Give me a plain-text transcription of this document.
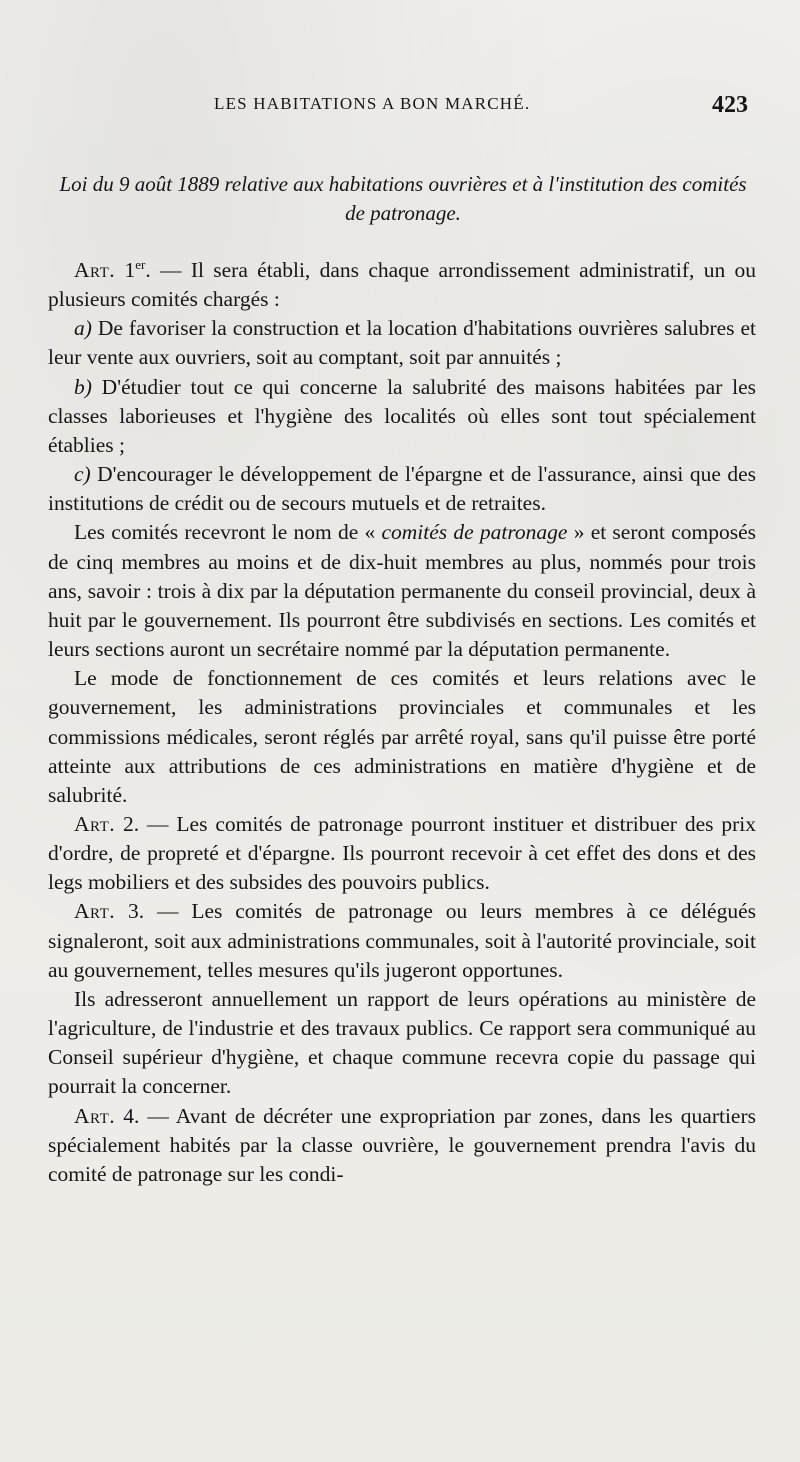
LES HABITATIONS A BON MARCHÉ.	423
Loi du 9 août 1889 relative aux habitations ouvrières et à l'institution des comités de patronage.

Art. 1er. — Il sera établi, dans chaque arrondissement administratif, un ou plusieurs comités chargés :

a) De favoriser la construction et la location d'habitations ouvrières salubres et leur vente aux ouvriers, soit au comptant, soit par annuités ;

b) D'étudier tout ce qui concerne la salubrité des maisons habitées par les classes laborieuses et l'hygiène des localités où elles sont tout spécialement établies ;

c) D'encourager le développement de l'épargne et de l'assurance, ainsi que des institutions de crédit ou de secours mutuels et de retraites.

Les comités recevront le nom de « comités de patronage » et seront composés de cinq membres au moins et de dix-huit membres au plus, nommés pour trois ans, savoir : trois à dix par la députation permanente du conseil provincial, deux à huit par le gouvernement. Ils pourront être subdivisés en sections. Les comités et leurs sections auront un secrétaire nommé par la députation permanente.

Le mode de fonctionnement de ces comités et leurs relations avec le gouvernement, les administrations provinciales et communales et les commissions médicales, seront réglés par arrêté royal, sans qu'il puisse être porté atteinte aux attributions de ces administrations en matière d'hygiène et de salubrité.

Art. 2. — Les comités de patronage pourront instituer et distribuer des prix d'ordre, de propreté et d'épargne. Ils pourront recevoir à cet effet des dons et des legs mobiliers et des subsides des pouvoirs publics.

Art. 3. — Les comités de patronage ou leurs membres à ce délégués signaleront, soit aux administrations communales, soit à l'autorité provinciale, soit au gouvernement, telles mesures qu'ils jugeront opportunes.

Ils adresseront annuellement un rapport de leurs opérations au ministère de l'agriculture, de l'industrie et des travaux publics. Ce rapport sera communiqué au Conseil supérieur d'hygiène, et chaque commune recevra copie du passage qui pourrait la concerner.

Art. 4. — Avant de décréter une expropriation par zones, dans les quartiers spécialement habités par la classe ouvrière, le gouvernement prendra l'avis du comité de patronage sur les condi-
